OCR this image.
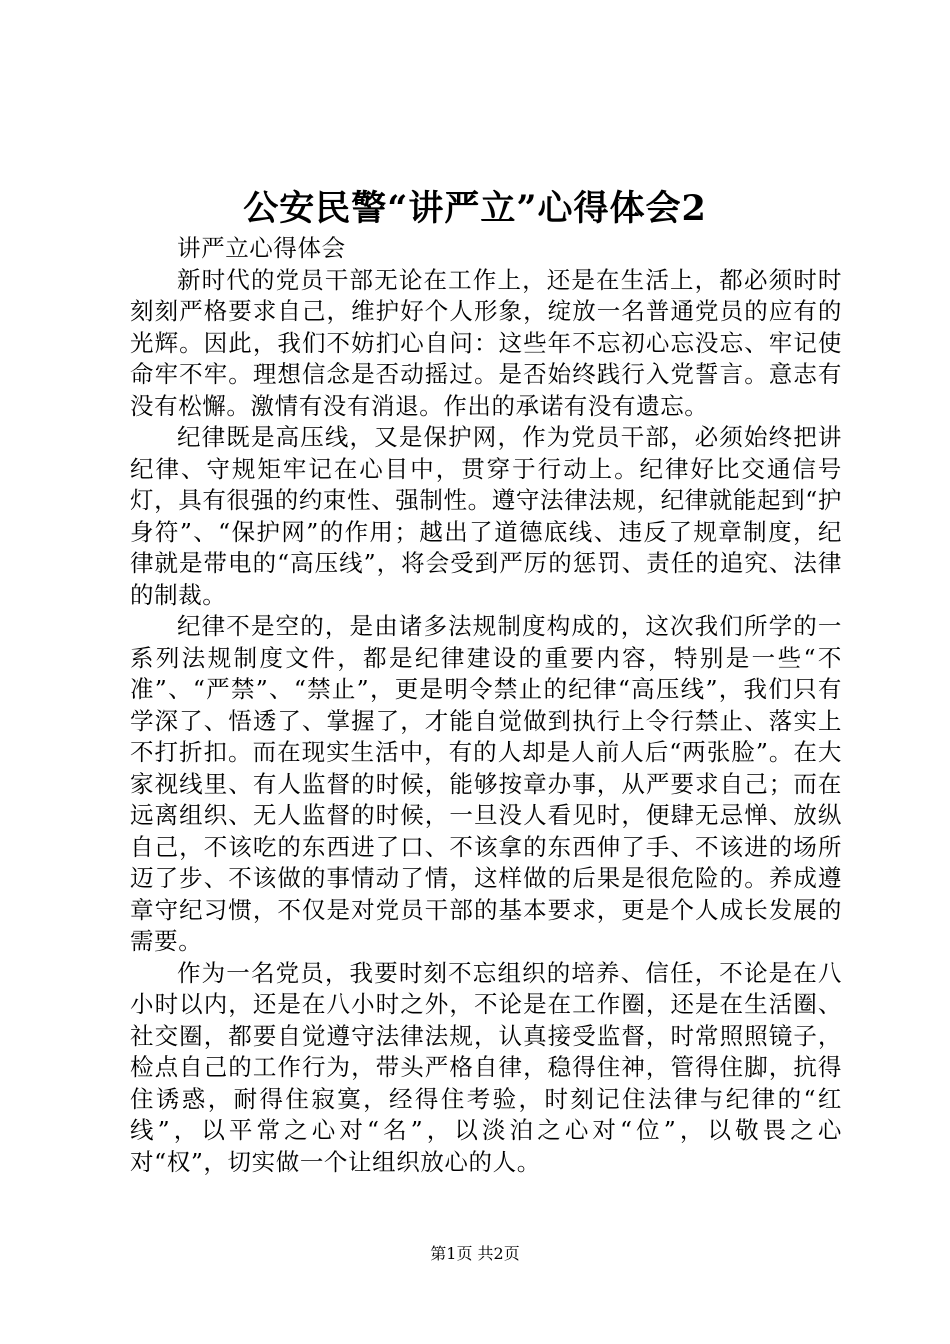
公安民警“讲严立”心得体会2

讲严立心得体会

新时代的党员干部无论在工作上，还是在生活上，都必须时时刻刻严格要求自己，维护好个人形象，绽放一名普通党员的应有的光辉。因此，我们不妨扪心自问：这些年不忘初心忘没忘、牢记使命牢不牢。理想信念是否动摇过。是否始终践行入党誓言。意志有没有松懈。激情有没有消退。作出的承诺有没有遗忘。

纪律既是高压线，又是保护网，作为党员干部，必须始终把讲纪律、守规矩牢记在心目中，贯穿于行动上。纪律好比交通信号灯，具有很强的约束性、强制性。遵守法律法规，纪律就能起到“护身符”、“保护网”的作用；越出了道德底线、违反了规章制度，纪律就是带电的“高压线”，将会受到严厉的惩罚、责任的追究、法律的制裁。

纪律不是空的，是由诸多法规制度构成的，这次我们所学的一系列法规制度文件，都是纪律建设的重要内容，特别是一些“不准”、“严禁”、“禁止”，更是明令禁止的纪律“高压线”，我们只有学深了、悟透了、掌握了，才能自觉做到执行上令行禁止、落实上不打折扣。而在现实生活中，有的人却是人前人后“两张脸”。在大家视线里、有人监督的时候，能够按章办事，从严要求自己；而在远离组织、无人监督的时候，一旦没人看见时，便肆无忌惮、放纵自己，不该吃的东西进了口、不该拿的东西伸了手、不该进的场所迈了步、不该做的事情动了情，这样做的后果是很危险的。养成遵章守纪习惯，不仅是对党员干部的基本要求，更是个人成长发展的需要。

作为一名党员，我要时刻不忘组织的培养、信任，不论是在八小时以内，还是在八小时之外，不论是在工作圈，还是在生活圈、社交圈，都要自觉遵守法律法规，认真接受监督，时常照照镜子，检点自己的工作行为，带头严格自律，稳得住神，管得住脚，抗得住诱惑，耐得住寂寞，经得住考验，时刻记住法律与纪律的“红线”，以平常之心对“名”，以淡泊之心对“位”，以敬畏之心对“权”，切实做一个让组织放心的人。

第1页 共2页
